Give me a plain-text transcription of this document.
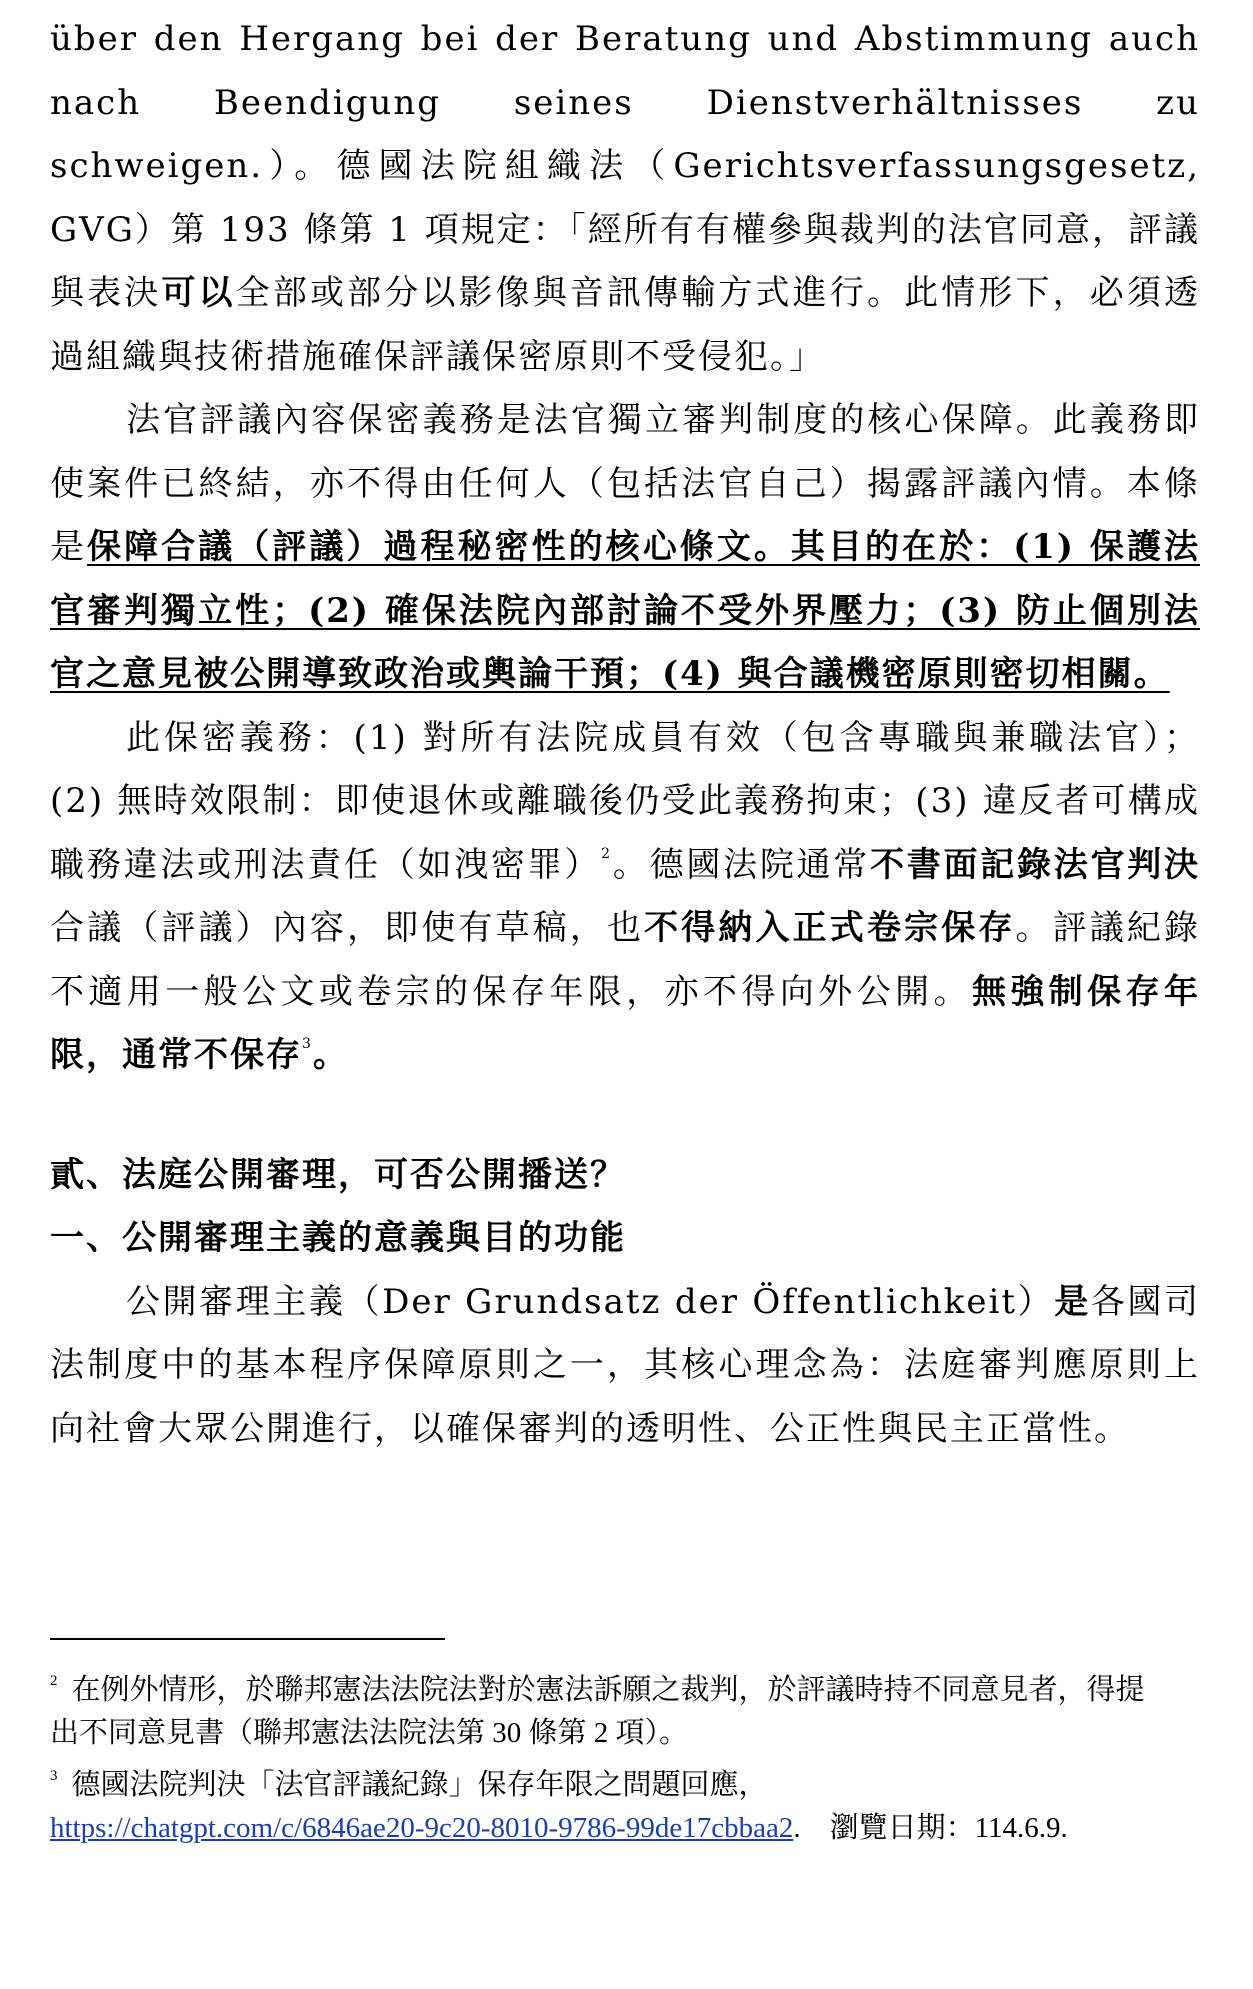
über den Hergang bei der Beratung und Abstimmung auch nach Beendigung seines Dienstverhältnisses zu schweigen.）。德國法院組織法（Gerichtsverfassungsgesetz, GVG）第 193 條第 1 項規定：「經所有有權參與裁判的法官同意，評議與表決可以全部或部分以影像與音訊傳輸方式進行。此情形下，必須透過組織與技術措施確保評議保密原則不受侵犯。」

法官評議內容保密義務是法官獨立審判制度的核心保障。此義務即使案件已終結，亦不得由任何人（包括法官自己）揭露評議內情。本條是保障合議（評議）過程秘密性的核心條文。其目的在於：(1) 保護法官審判獨立性；(2) 確保法院內部討論不受外界壓力；(3) 防止個別法官之意見被公開導致政治或輿論干預；(4) 與合議機密原則密切相關。

此保密義務：(1) 對所有法院成員有效（包含專職與兼職法官）；(2) 無時效限制：即使退休或離職後仍受此義務拘束；(3) 違反者可構成職務違法或刑法責任（如洩密罪）$^2$。德國法院通常不書面記錄法官判決合議（評議）內容，即使有草稿，也不得納入正式卷宗保存。評議紀錄不適用一般公文或卷宗的保存年限，亦不得向外公開。無強制保存年限，通常不保存$^3$。

貳、法庭公開審理，可否公開播送？
一、公開審理主義的意義與目的功能

公開審理主義（Der Grundsatz der Öffentlichkeit）是各國司法制度中的基本程序保障原則之一，其核心理念為：法庭審判應原則上向社會大眾公開進行，以確保審判的透明性、公正性與民主正當性。

$^2$ 在例外情形，於聯邦憲法法院法對於憲法訴願之裁判，於評議時持不同意見者，得提出不同意見書（聯邦憲法法院法第 30 條第 2 項）。

$^3$ 德國法院判決「法官評議紀錄」保存年限之問題回應，
https://chatgpt.com/c/6846ae20-9c20-8010-9786-99de17cbbaa2.　瀏覽日期：114.6.9.
